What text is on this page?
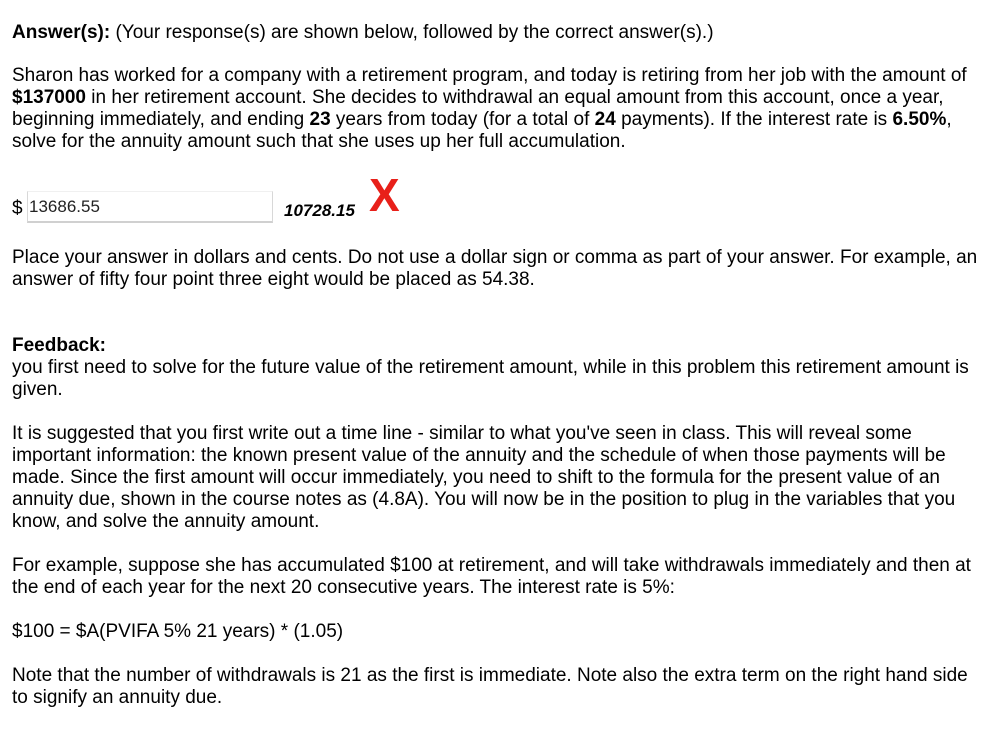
Answer(s): (Your response(s) are shown below, followed by the correct answer(s).)
Sharon has worked for a company with a retirement program, and today is retiring from her job with the amount of $137000 in her retirement account. She decides to withdrawal an equal amount from this account, once a year, beginning immediately, and ending 23 years from today (for a total of 24 payments). If the interest rate is 6.50%, solve for the annuity amount such that she uses up her full accumulation.
$
13686.55	10728.15 X
Place your answer in dollars and cents. Do not use a dollar sign or comma as part of your answer. For example, an answer of fifty four point three eight would be placed as 54.38.
Feedback:
you first need to solve for the future value of the retirement amount, while in this problem this retirement amount is given.
It is suggested that you first write out a time line - similar to what you've seen in class. This will reveal some important information: the known present value of the annuity and the schedule of when those payments will be made. Since the first amount will occur immediately, you need to shift to the formula for the present value of an annuity due, shown in the course notes as (4.8A). You will now be in the position to plug in the variables that you know, and solve the annuity amount.
For example, suppose she has accumulated $100 at retirement, and will take withdrawals immediately and then at the end of each year for the next 20 consecutive years. The interest rate is 5%:
$100 = $A(PVIFA 5% 21 years) * (1.05)
Note that the number of withdrawals is 21 as the first is immediate. Note also the extra term on the right hand side to signify an annuity due.
